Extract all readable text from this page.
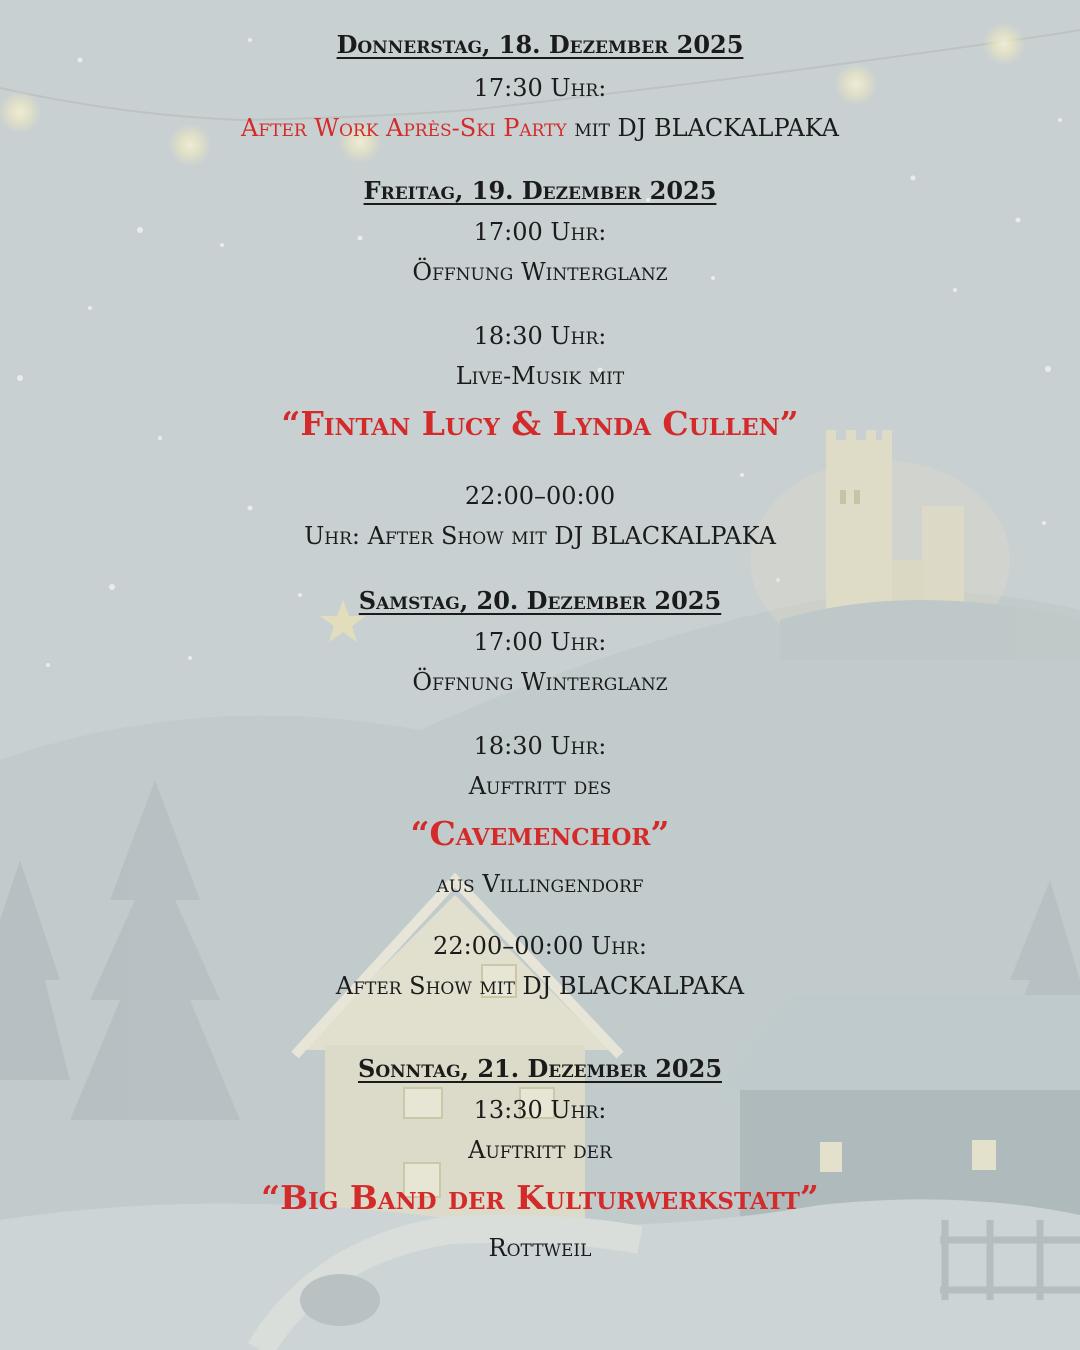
Donnerstag, 18. Dezember 2025
17:30 Uhr:
After Work Après-Ski Party mit DJ BLACKALPAKA
Freitag, 19. Dezember 2025
17:00 Uhr:
Öffnung Winterglanz
18:30 Uhr:
Live-Musik mit
“Fintan Lucy & Lynda Cullen”
22:00–00:00
Uhr: After Show mit DJ BLACKALPAKA
Samstag, 20. Dezember 2025
17:00 Uhr:
Öffnung Winterglanz
18:30 Uhr:
Auftritt des
“Cavemenchor”
aus Villingendorf
22:00–00:00 Uhr:
After Show mit DJ BLACKALPAKA
Sonntag, 21. Dezember 2025
13:30 Uhr:
Auftritt der
“Big Band der Kulturwerkstatt”
Rottweil
